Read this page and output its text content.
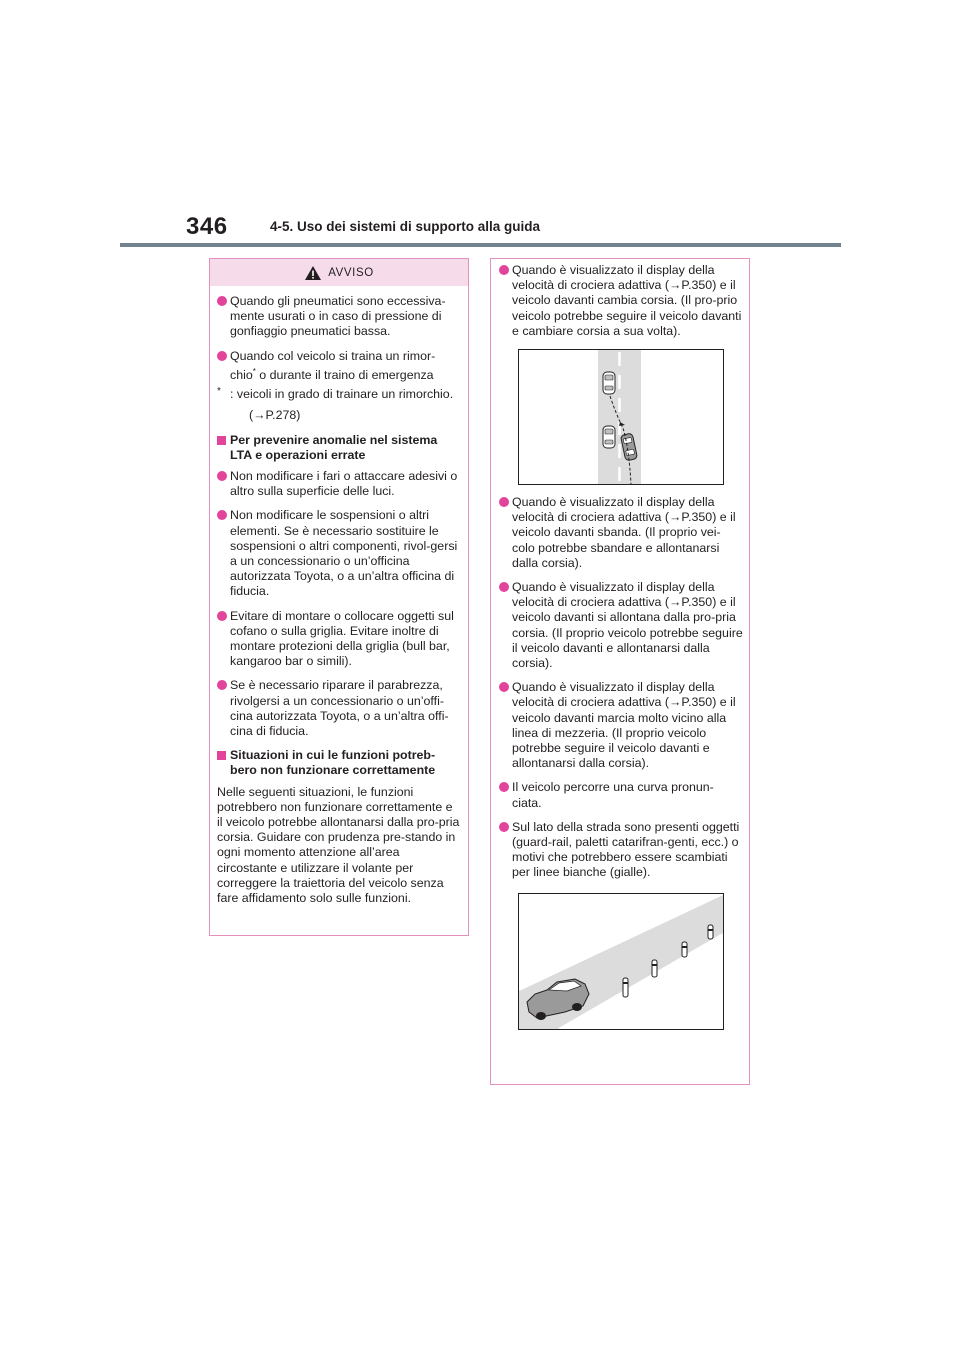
346	4-5. Uso dei sistemi di supporto alla guida
AVVISO
Quando gli pneumatici sono eccessiva-mente usurati o in caso di pressione di gonfiaggio pneumatici bassa.
Quando col veicolo si traina un rimor-chio* o durante il traino di emergenza
* : veicoli in grado di trainare un rimorchio.
(→P.278)
Per prevenire anomalie nel sistema LTA e operazioni errate
Non modificare i fari o attaccare adesivi o altro sulla superficie delle luci.
Non modificare le sospensioni o altri elementi. Se è necessario sostituire le sospensioni o altri componenti, rivol-gersi a un concessionario o un’officina autorizzata Toyota, o a un’altra officina di fiducia.
Evitare di montare o collocare oggetti sul cofano o sulla griglia. Evitare inoltre di montare protezioni della griglia (bull bar, kangaroo bar o simili).
Se è necessario riparare il parabrezza, rivolgersi a un concessionario o un’offi-cina autorizzata Toyota, o a un’altra offi-cina di fiducia.
Situazioni in cui le funzioni potreb-bero non funzionare correttamente
Nelle seguenti situazioni, le funzioni potrebbero non funzionare correttamente e il veicolo potrebbe allontanarsi dalla pro-pria corsia. Guidare con prudenza pre-stando in ogni momento attenzione all’area circostante e utilizzare il volante per correggere la traiettoria del veicolo senza fare affidamento solo sulle funzioni.
Quando è visualizzato il display della velocità di crociera adattiva (→P.350) e il veicolo davanti cambia corsia. (Il pro-prio veicolo potrebbe seguire il veicolo davanti e cambiare corsia a sua volta).
Quando è visualizzato il display della velocità di crociera adattiva (→P.350) e il veicolo davanti sbanda. (Il proprio vei-colo potrebbe sbandare e allontanarsi dalla corsia).
Quando è visualizzato il display della velocità di crociera adattiva (→P.350) e il veicolo davanti si allontana dalla pro-pria corsia. (Il proprio veicolo potrebbe seguire il veicolo davanti e allontanarsi dalla corsia).
Quando è visualizzato il display della velocità di crociera adattiva (→P.350) e il veicolo davanti marcia molto vicino alla linea di mezzeria. (Il proprio veicolo potrebbe seguire il veicolo davanti e allontanarsi dalla corsia).
Il veicolo percorre una curva pronun-ciata.
Sul lato della strada sono presenti oggetti (guard-rail, paletti catarifran-genti, ecc.) o motivi che potrebbero essere scambiati per linee bianche (gialle).
